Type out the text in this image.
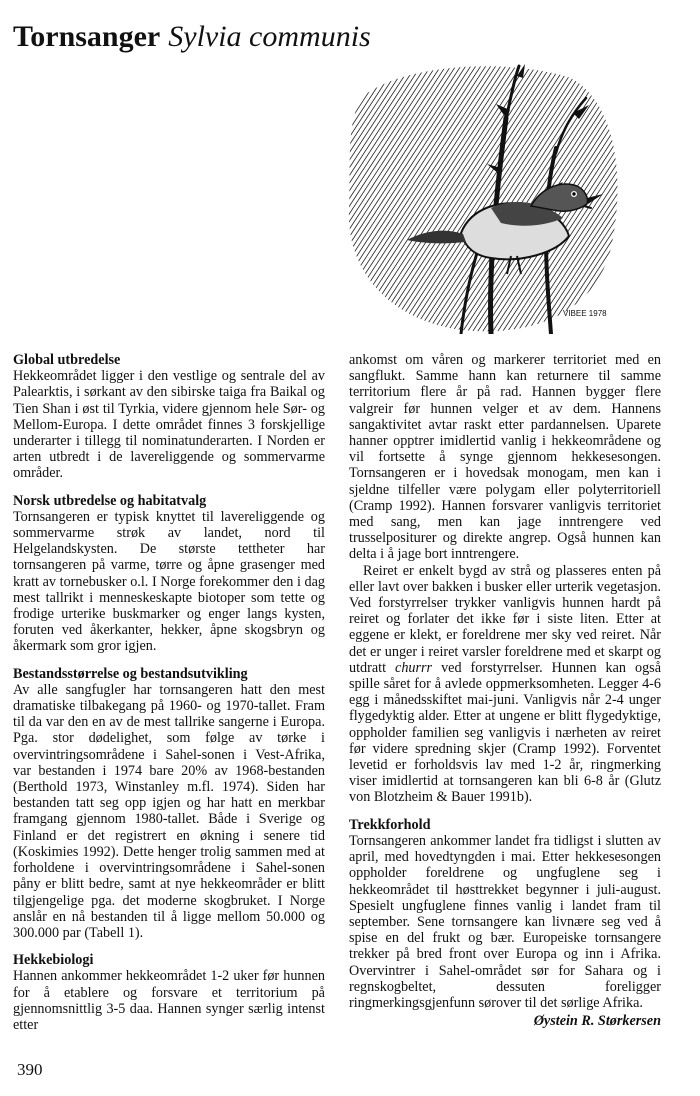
Tornsanger Sylvia communis
VIBEE 1978
Global utbredelse

Hekkeområdet ligger i den vestlige og sentrale del av Palearktis, i sørkant av den sibirske taiga fra Baikal og Tien Shan i øst til Tyrkia, videre gjennom hele Sør- og Mellom-Europa. I dette området finnes 3 forskjellige underarter i tillegg til nominatunderarten. I Norden er arten utbredt i de lavereliggende og sommervarme områder.

Norsk utbredelse og habitatvalg

Tornsangeren er typisk knyttet til lavereliggende og sommervarme strøk av landet, nord til Helgelandskysten. De største tettheter har tornsangeren på varme, tørre og åpne grasenger med kratt av tornebusker o.l. I Norge forekommer den i dag mest tallrikt i menneskeskapte biotoper som tette og frodige urterike buskmarker og enger langs kysten, foruten ved åkerkanter, hekker, åpne skogsbryn og åkermark som gror igjen.

Bestandsstørrelse og bestandsutvikling

Av alle sangfugler har tornsangeren hatt den mest dramatiske tilbakegang på 1960- og 1970-tallet. Fram til da var den en av de mest tallrike sangerne i Europa. Pga. stor dødelighet, som følge av tørke i overvintringsområdene i Sahel-sonen i Vest-Afrika, var bestanden i 1974 bare 20% av 1968-bestanden (Berthold 1973, Winstanley m.fl. 1974). Siden har bestanden tatt seg opp igjen og har hatt en merkbar framgang gjennom 1980-tallet. Både i Sverige og Finland er det registrert en økning i senere tid (Koskimies 1992). Dette henger trolig sammen med at forholdene i overvintringsområdene i Sahel-sonen påny er blitt bedre, samt at nye hekkeområder er blitt tilgjengelige pga. det moderne skogbruket. I Norge anslår en nå bestanden til å ligge mellom 50.000 og 300.000 par (Tabell 1).

Hekkebiologi

Hannen ankommer hekkeområdet 1-2 uker før hunnen for å etablere og forsvare et territorium på gjennomsnittlig 3-5 daa. Hannen synger særlig intenst etter

ankomst om våren og markerer territoriet med en sangflukt. Samme hann kan returnere til samme territorium flere år på rad. Hannen bygger flere valgreir før hunnen velger et av dem. Hannens sangaktivitet avtar raskt etter pardannelsen. Uparete hanner opptrer imidlertid vanlig i hekkeområdene og vil fortsette å synge gjennom hekkesesongen. Tornsangeren er i hovedsak monogam, men kan i sjeldne tilfeller være polygam eller polyterritoriell (Cramp 1992). Hannen forsvarer vanligvis territoriet med sang, men kan jage inntrengere ved trusselpositurer og direkte angrep. Også hunnen kan delta i å jage bort inntrengere.

Reiret er enkelt bygd av strå og plasseres enten på eller lavt over bakken i busker eller urterik vegetasjon. Ved forstyrrelser trykker vanligvis hunnen hardt på reiret og forlater det ikke før i siste liten. Etter at eggene er klekt, er foreldrene mer sky ved reiret. Når det er unger i reiret varsler foreldrene med et skarpt og utdratt churrr ved forstyrrelser. Hunnen kan også spille såret for å avlede oppmerksomheten. Legger 4-6 egg i månedsskiftet mai-juni. Vanligvis når 2-4 unger flygedyktig alder. Etter at ungene er blitt flygedyktige, oppholder familien seg vanligvis i nærheten av reiret før videre spredning skjer (Cramp 1992). Forventet levetid er forholdsvis lav med 1-2 år, ringmerking viser imidlertid at tornsangeren kan bli 6-8 år (Glutz von Blotzheim & Bauer 1991b).

Trekkforhold

Tornsangeren ankommer landet fra tidligst i slutten av april, med hovedtyngden i mai. Etter hekkesesongen oppholder foreldrene og ungfuglene seg i hekkeområdet til høsttrekket begynner i juli-august. Spesielt ungfuglene finnes vanlig i landet fram til september. Sene tornsangere kan livnære seg ved å spise en del frukt og bær. Europeiske tornsangere trekker på bred front over Europa og inn i Afrika. Overvintrer i Sahel-området sør for Sahara og i regnskogbeltet, dessuten foreligger ringmerkingsgjenfunn sørover til det sørlige Afrika.

Øystein R. Størkersen
390
